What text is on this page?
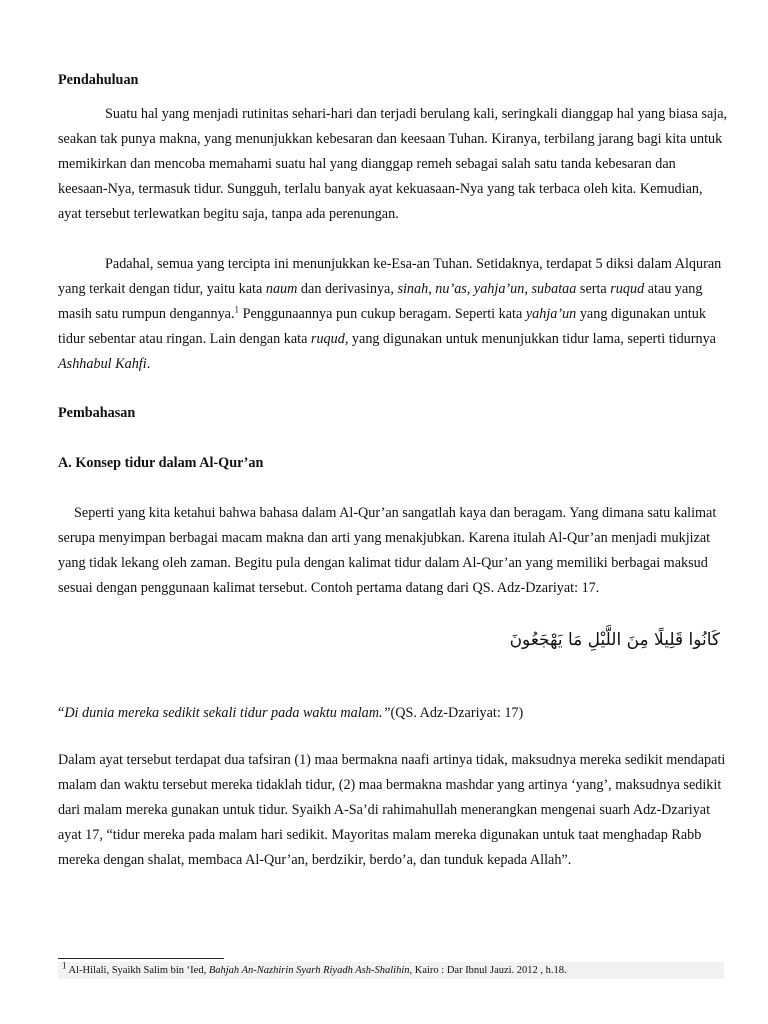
Pendahuluan
Suatu hal yang menjadi rutinitas sehari-hari dan terjadi berulang kali, seringkali dianggap hal yang biasa saja, seakan tak punya makna, yang menunjukkan kebesaran dan keesaan Tuhan. Kiranya, terbilang jarang bagi kita untuk memikirkan dan mencoba memahami suatu hal yang dianggap remeh sebagai salah satu tanda kebesaran dan keesaan-Nya, termasuk tidur. Sungguh, terlalu banyak ayat kekuasaan-Nya yang tak terbaca oleh kita. Kemudian, ayat tersebut terlewatkan begitu saja, tanpa ada perenungan.
Padahal, semua yang tercipta ini menunjukkan ke-Esa-an Tuhan. Setidaknya, terdapat 5 diksi dalam Alquran yang terkait dengan tidur, yaitu kata naum dan derivasinya, sinah, nu’as, yahja’un, subataa serta ruqud atau yang masih satu rumpun dengannya.$^1$ Penggunaannya pun cukup beragam. Seperti kata yahja’un yang digunakan untuk tidur sebentar atau ringan. Lain dengan kata ruqud, yang digunakan untuk menunjukkan tidur lama, seperti tidurnya Ashhabul Kahfi.
Pembahasan
A. Konsep tidur dalam Al-Qur’an
Seperti yang kita ketahui bahwa bahasa dalam Al-Qur’an sangatlah kaya dan beragam. Yang dimana satu kalimat serupa menyimpan berbagai macam makna dan arti yang menakjubkan. Karena itulah Al-Qur’an menjadi mukjizat yang tidak lekang oleh zaman. Begitu pula dengan kalimat tidur dalam Al-Qur’an yang memiliki berbagai maksud sesuai dengan penggunaan kalimat tersebut. Contoh pertama datang dari QS. Adz-Dzariyat: 17.
كَانُوا قَلِيلًا مِنَ اللَّيْلِ مَا يَهْجَعُونَ
“Di dunia mereka sedikit sekali tidur pada waktu malam.”(QS. Adz-Dzariyat: 17)
Dalam ayat tersebut terdapat dua tafsiran (1) maa bermakna naafi artinya tidak, maksudnya mereka sedikit mendapati malam dan waktu tersebut mereka tidaklah tidur, (2) maa bermakna mashdar yang artinya ‘yang’, maksudnya sedikit dari malam mereka gunakan untuk tidur. Syaikh A-Sa’di rahimahullah menerangkan mengenai suarh Adz-Dzariyat ayat 17, “tidur mereka pada malam hari sedikit. Mayoritas malam mereka digunakan untuk taat menghadap Rabb mereka dengan shalat, membaca Al-Qur’an, berdzikir, berdo’a, dan tunduk kepada Allah”.
$^1$ Al-Hilali, Syaikh Salim bin ‘Ied, Bahjah An-Nazhirin Syarh Riyadh Ash-Shalihin, Kairo : Dar Ibnul Jauzi. 2012 , h.18.
